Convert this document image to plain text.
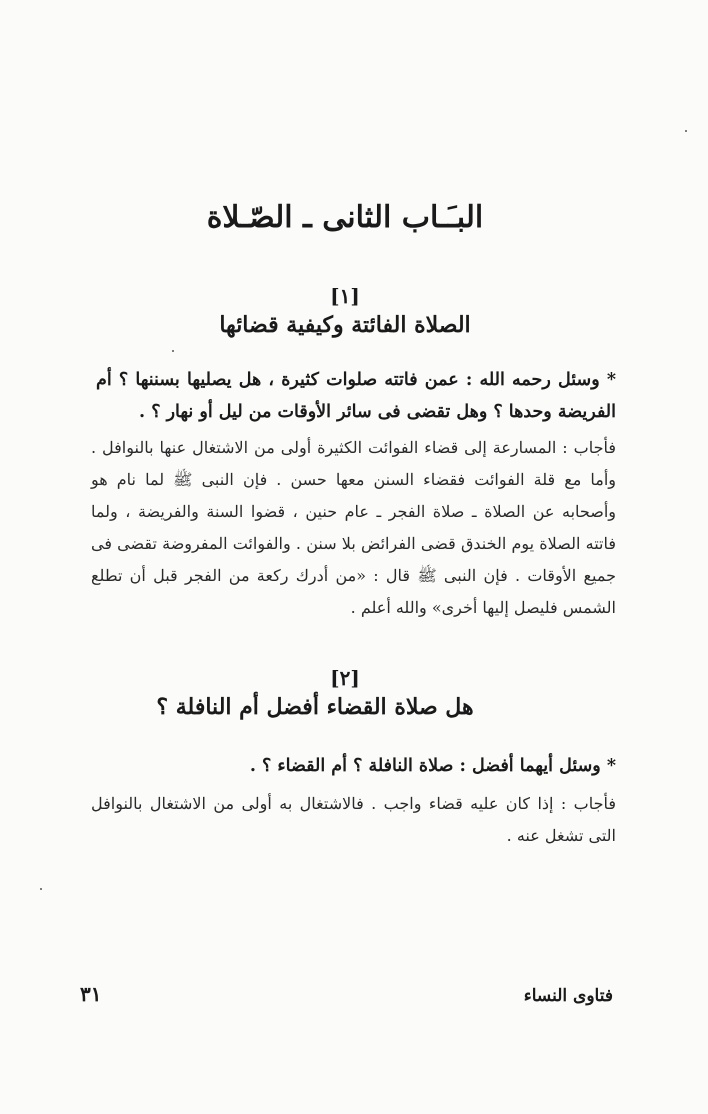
البـَـاب الثانى ـ الصّـلاة
[١]
الصلاة الفائتة وكيفية قضائها
* وسئل رحمه الله : عمن فاتته صلوات كثيرة ، هل يصليها بسننها ؟ أم الفريضة وحدها ؟ وهل تقضى فى سائر الأوقات من ليل أو نهار ؟ .
فأجاب : المسارعة إلى قضاء الفوائت الكثيرة أولى من الاشتغال عنها بالنوافل . وأما مع قلة الفوائت فقضاء السنن معها حسن . فإن النبى ﷺ لما نام هو وأصحابه عن الصلاة ـ صلاة الفجر ـ عام حنين ، قضوا السنة والفريضة ، ولما فاتته الصلاة يوم الخندق قضى الفرائض بلا سنن . والفوائت المفروضة تقضى فى جميع الأوقات . فإن النبى ﷺ قال : «من أدرك ركعة من الفجر قبل أن تطلع الشمس فليصل إليها أخرى» والله أعلم .
[٢]
هل صلاة القضاء أفضل أم النافلة ؟
* وسئل أيهما أفضل : صلاة النافلة ؟ أم القضاء ؟ .
فأجاب : إذا كان عليه قضاء واجب . فالاشتغال به أولى من الاشتغال بالنوافل التى تشغل عنه .
٣١	فتاوى النساء
